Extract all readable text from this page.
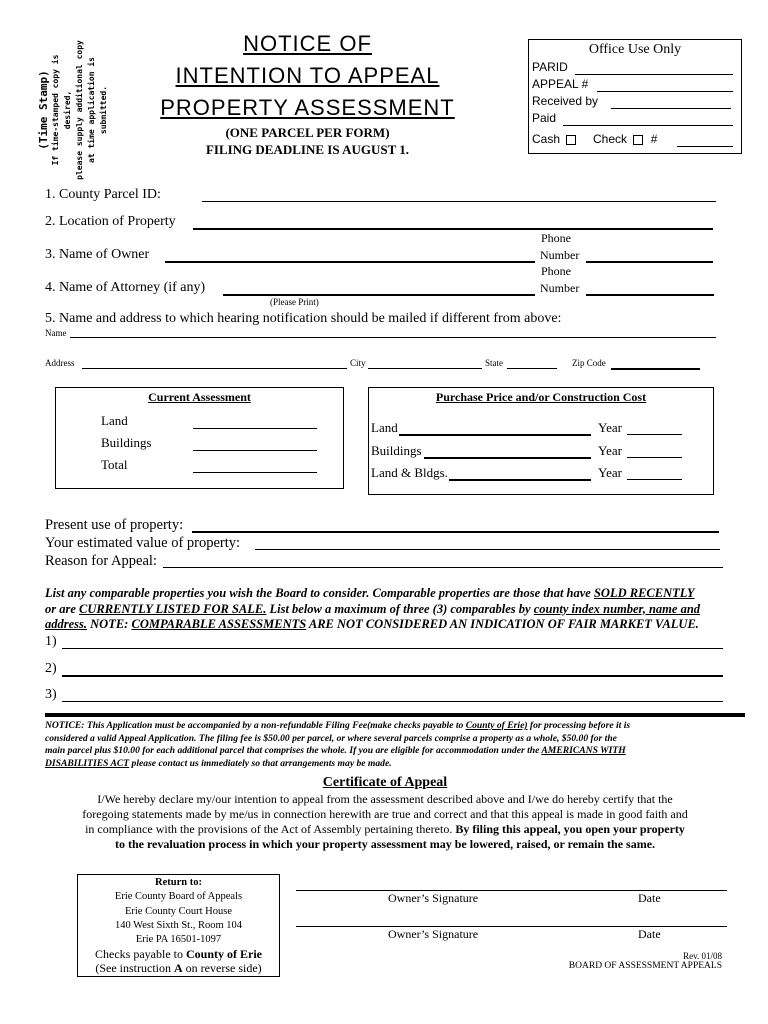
(Time Stamp) If time-stamped copy is desired, please supply additional copy at time application is submitted.
NOTICE OF
INTENTION TO APPEAL
PROPERTY ASSESSMENT
(ONE PARCEL PER FORM)
FILING DEADLINE IS AUGUST 1.
Office Use Only
PARID
APPEAL #
Received by
Paid
Cash	Check #
1. County Parcel ID:
2. Location of Property
Phone
3. Name of Owner	Number
Phone
4. Name of Attorney (if any)	Number
(Please Print)
5. Name and address to which hearing notification should be mailed if different from above:
Name
Address	City	State	Zip Code
Current Assessment
Land
Buildings
Total
Purchase Price and/or Construction Cost
Land	Year
Buildings	Year
Land & Bldgs.	Year
Present use of property:
Your estimated value of property:
Reason for Appeal:
List any comparable properties you wish the Board to consider. Comparable properties are those that have SOLD RECENTLY
or are CURRENTLY LISTED FOR SALE. List below a maximum of three (3) comparables by county index number, name and
address. NOTE: COMPARABLE ASSESSMENTS ARE NOT CONSIDERED AN INDICATION OF FAIR MARKET VALUE.
1)
2)
3)
NOTICE: This Application must be accompanied by a non-refundable Filing Fee(make checks payable to County of Erie) for processing before it is
considered a valid Appeal Application. The filing fee is $50.00 per parcel, or where several parcels comprise a property as a whole, $50.00 for the
main parcel plus $10.00 for each additional parcel that comprises the whole. If you are eligible for accommodation under the AMERICANS WITH
DISABILITIES ACT please contact us immediately so that arrangements may be made.
Certificate of Appeal
I/We hereby declare my/our intention to appeal from the assessment described above and I/we do hereby certify that the
foregoing statements made by me/us in connection herewith are true and correct and that this appeal is made in good faith and
in compliance with the provisions of the Act of Assembly pertaining thereto. By filing this appeal, you open your property
to the revaluation process in which your property assessment may be lowered, raised, or remain the same.
Return to:
Erie County Board of Appeals
Erie County Court House
140 West Sixth St., Room 104
Erie PA 16501-1097
Checks payable to County of Erie
(See instruction A on reverse side)
Owner’s Signature	Date
Owner’s Signature	Date
Rev. 01/08
BOARD OF ASSESSMENT APPEALS
